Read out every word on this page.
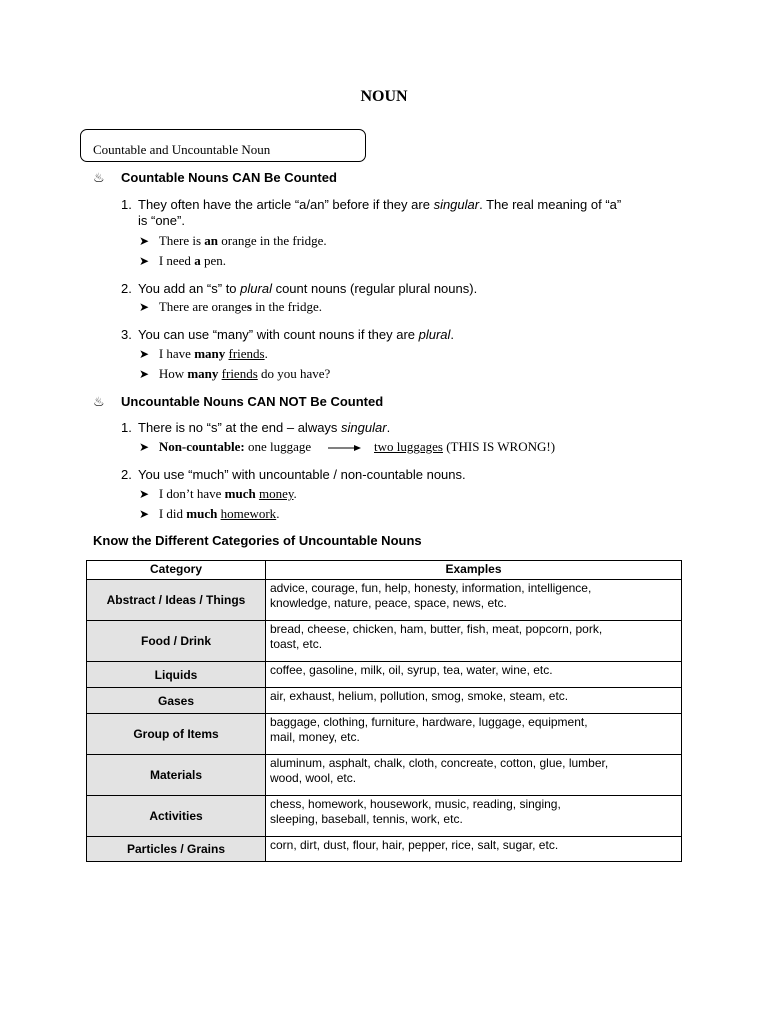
NOUN
Countable and Uncountable Noun
♨ Countable Nouns CAN Be Counted
1. They often have the article “a/an” before if they are singular. The real meaning of “a”
is “one”.
➤ There is an orange in the fridge.
➤ I need a pen.
2. You add an “s” to plural count nouns (regular plural nouns).
➤ There are oranges in the fridge.
3. You can use “many” with count nouns if they are plural.
➤ I have many friends.
➤ How many friends do you have?
♨ Uncountable Nouns CAN NOT Be Counted
1. There is no “s” at the end – always singular.
➤ Non-countable: one luggage	two luggages (THIS IS WRONG!)
2. You use “much” with uncountable / non-countable nouns.
➤ I don’t have much money.
➤ I did much homework.
Know the Different Categories of Uncountable Nouns
Category	Examples
Abstract / Ideas / Things	advice, courage, fun, help, honesty, information, intelligence,
knowledge, nature, peace, space, news, etc.
Food / Drink	bread, cheese, chicken, ham, butter, fish, meat, popcorn, pork,
toast, etc.
Liquids	coffee, gasoline, milk, oil, syrup, tea, water, wine, etc.
Gases	air, exhaust, helium, pollution, smog, smoke, steam, etc.
Group of Items	baggage, clothing, furniture, hardware, luggage, equipment,
mail, money, etc.
Materials	aluminum, asphalt, chalk, cloth, concreate, cotton, glue, lumber,
wood, wool, etc.
Activities	chess, homework, housework, music, reading, singing,
sleeping, baseball, tennis, work, etc.
Particles / Grains	corn, dirt, dust, flour, hair, pepper, rice, salt, sugar, etc.
